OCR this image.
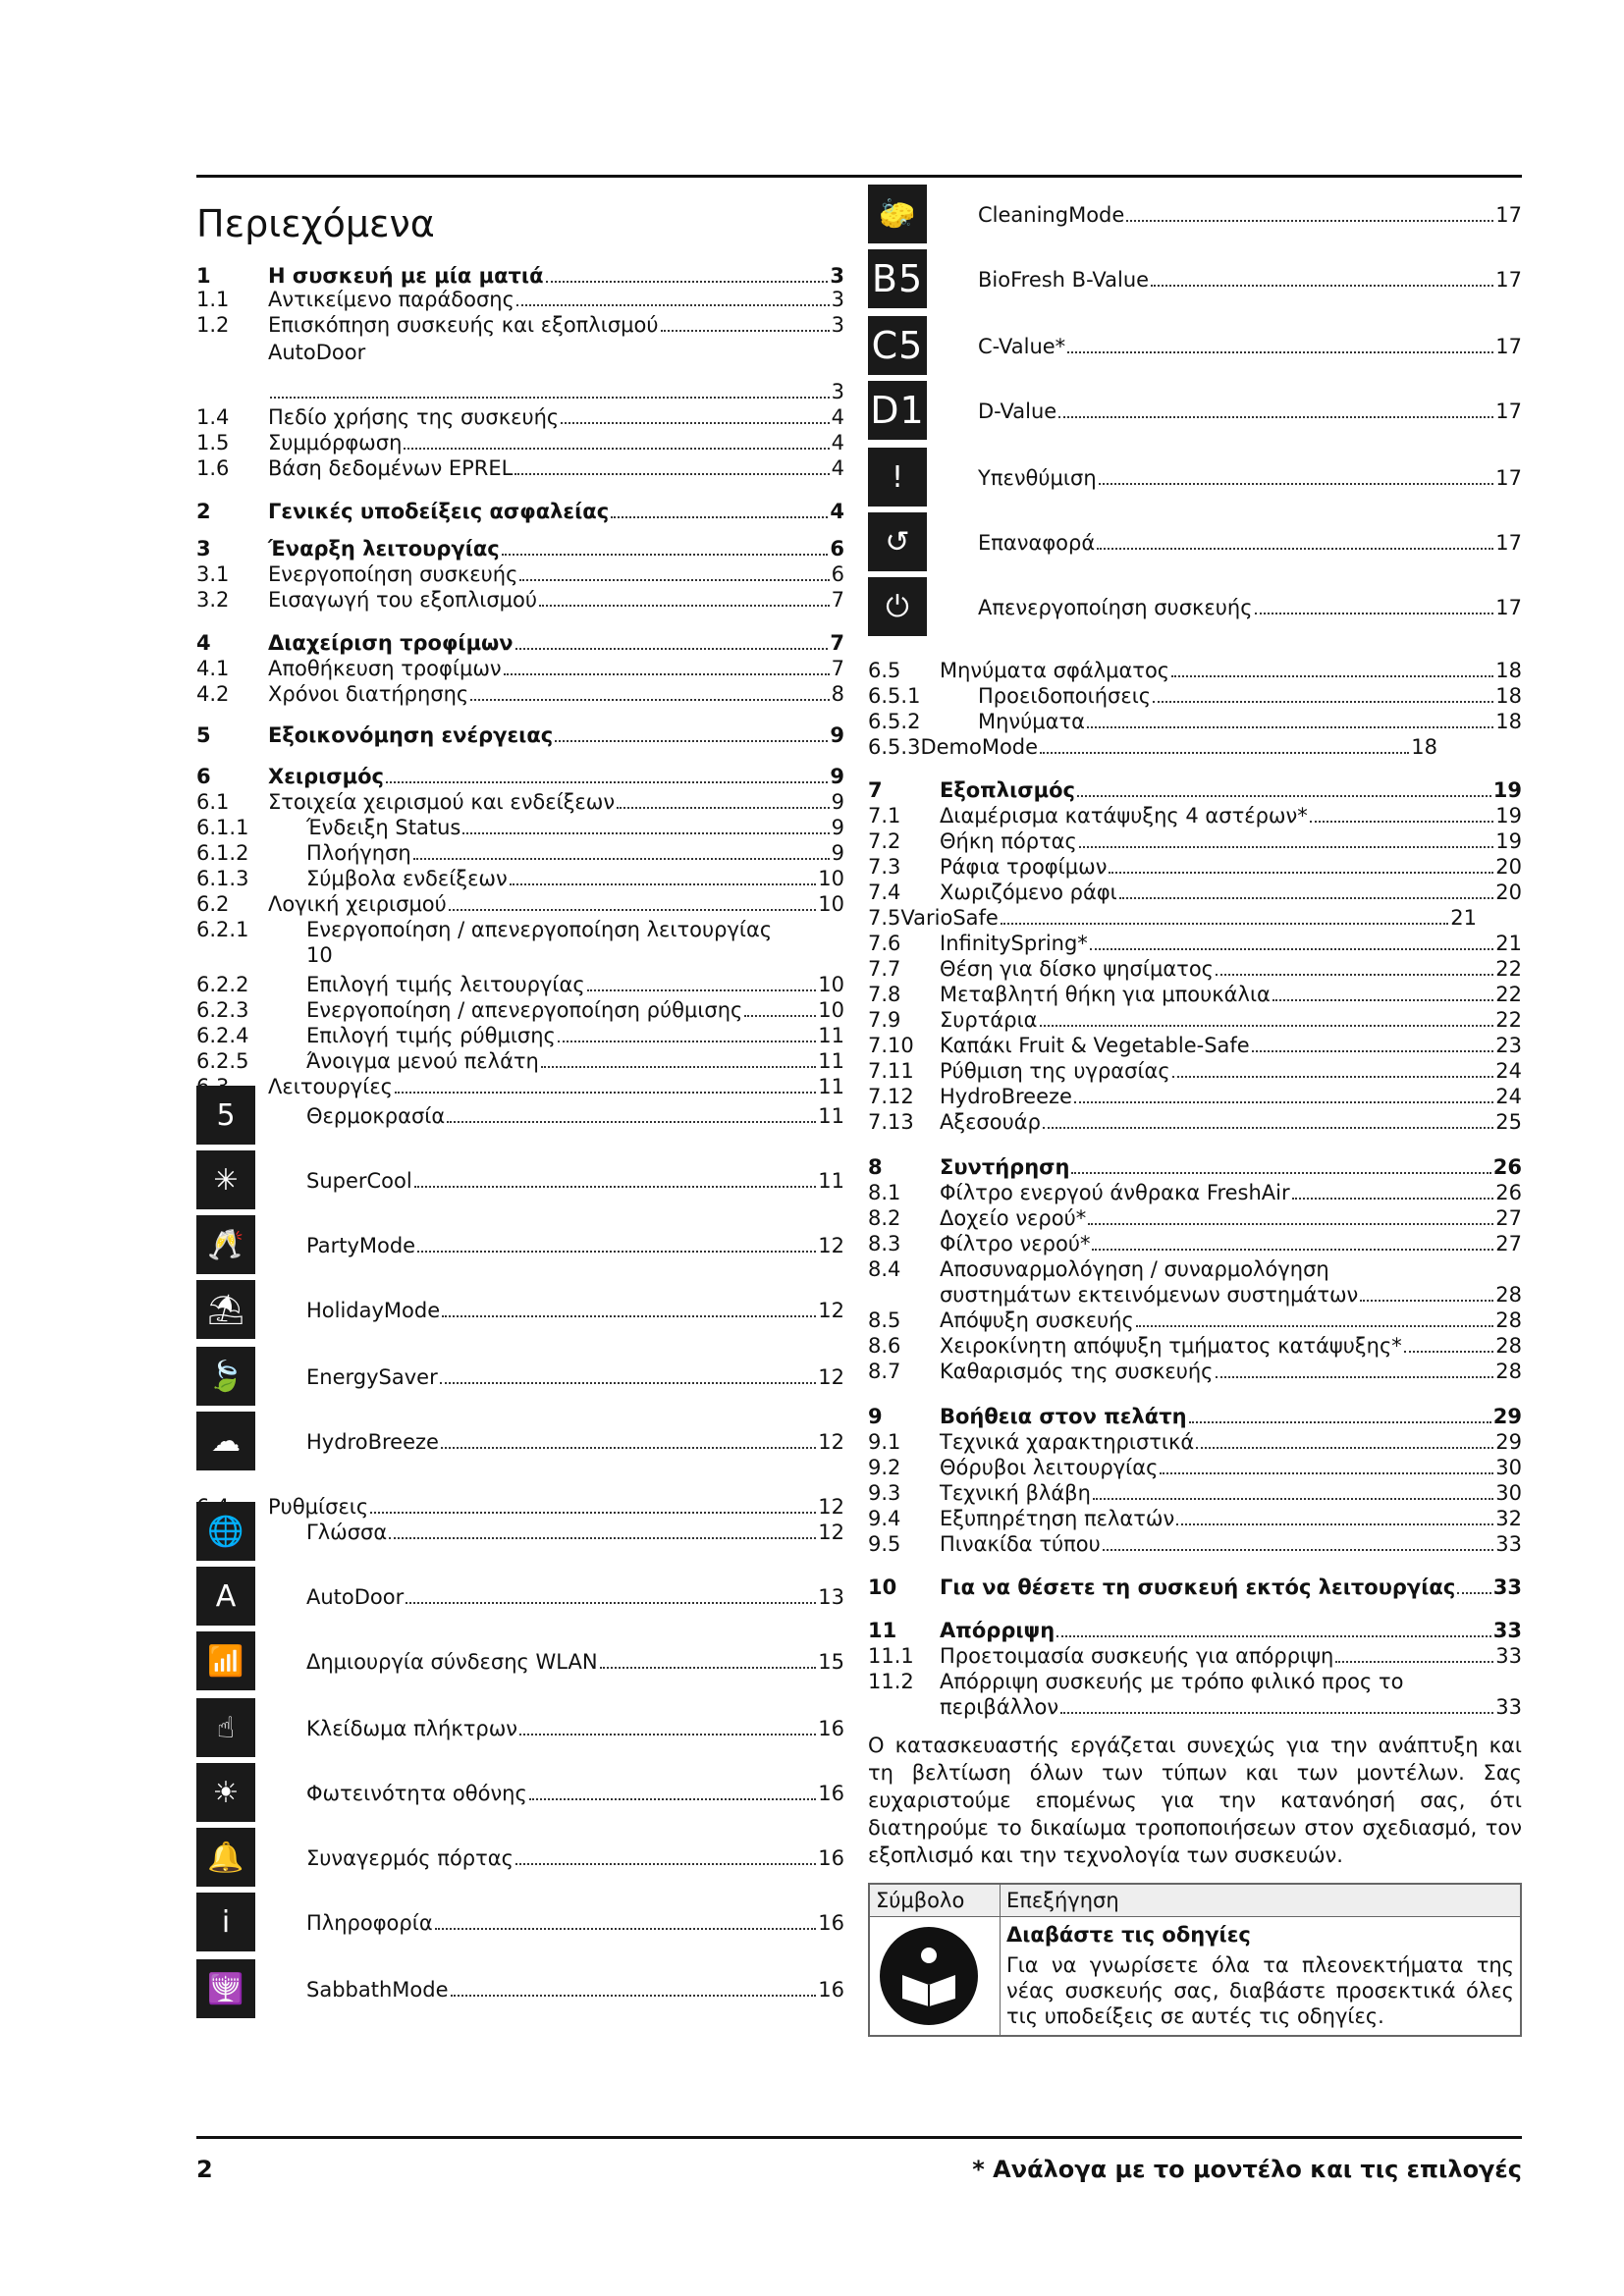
Περιεχόμενα
1	Η συσκευή με μία ματιά	3
1.1	Αντικείμενο παράδοσης	3
1.2	Επισκόπηση συσκευής και εξοπλισμού	3
AutoDoor
3
1.4	Πεδίο χρήσης της συσκευής	4
1.5	Συμμόρφωση	4
1.6	Βάση δεδομένων EPREL	4
2	Γενικές υποδείξεις ασφαλείας	4
3	Έναρξη λειτουργίας	6
3.1	Ενεργοποίηση συσκευής	6
3.2	Εισαγωγή του εξοπλισμού	7
4	Διαχείριση τροφίμων	7
4.1	Αποθήκευση τροφίμων	7
4.2	Χρόνοι διατήρησης	8
5	Εξοικονόμηση ενέργειας	9
6	Χειρισμός	9
6.1	Στοιχεία χειρισμού και ενδείξεων	9
6.1.1	Ένδειξη Status	9
6.1.2	Πλοήγηση	9
6.1.3	Σύμβολα ενδείξεων	10
6.2	Λογική χειρισμού	10
6.2.1	Ενεργοποίηση / απενεργοποίηση λειτουργίας
10
6.2.2	Επιλογή τιμής λειτουργίας	10
6.2.3	Ενεργοποίηση / απενεργοποίηση ρύθμισης	10
6.2.4	Επιλογή τιμής ρύθμισης	11
6.2.5	Άνοιγμα μενού πελάτη	11
Λειτουργίες	11
5	Θερμοκρασία	11
✳	SuperCool	11
🥂	PartyMode	12
⛱	HolidayMode	12
🍃	EnergySaver	12
☁	HydroBreeze	12
Ρυθμίσεις	12
🌐	Γλώσσα	12
A	AutoDoor	13
📶	Δημιουργία σύνδεσης WLAN	15
☝	Κλείδωμα πλήκτρων	16
☀	Φωτεινότητα οθόνης	16
🔔	Συναγερμός πόρτας	16
i	Πληροφορία	16
🕎	SabbathMode	16
🧽	CleaningMode	17
B5	BioFresh B-Value	17
C5	C-Value*	17
D1	D-Value	17
!	Υπενθύμιση	17
↺	Επαναφορά	17
⏻	Απενεργοποίηση συσκευής	17
6.5	Μηνύματα σφάλματος	18
6.5.1	Προειδοποιήσεις	18
6.5.2	Μηνύματα	18
6.5.3 DemoMode	18
7	Εξοπλισμός	19
7.1	Διαμέρισμα κατάψυξης 4 αστέρων*	19
7.2	Θήκη πόρτας	19
7.3	Ράφια τροφίμων	20
7.4	Χωριζόμενο ράφι	20
7.5 VarioSafe	21
7.6	InfinitySpring*	21
7.7	Θέση για δίσκο ψησίματος	22
7.8	Μεταβλητή θήκη για μπουκάλια	22
7.9	Συρτάρια	22
7.10	Καπάκι Fruit & Vegetable-Safe	23
7.11	Ρύθμιση της υγρασίας	24
7.12	HydroBreeze	24
7.13	Αξεσουάρ	25
8	Συντήρηση	26
8.1	Φίλτρο ενεργού άνθρακα FreshAir	26
8.2	Δοχείο νερού*	27
8.3	Φίλτρο νερού*	27
8.4	Αποσυναρμολόγηση / συναρμολόγηση
συστημάτων εκτεινόμενων συστημάτων	28
8.5	Απόψυξη συσκευής	28
8.6	Χειροκίνητη απόψυξη τμήματος κατάψυξης*	28
8.7	Καθαρισμός της συσκευής	28
9	Βοήθεια στον πελάτη	29
9.1	Τεχνικά χαρακτηριστικά	29
9.2	Θόρυβοι λειτουργίας	30
9.3	Τεχνική βλάβη	30
9.4	Εξυπηρέτηση πελατών	32
9.5	Πινακίδα τύπου	33
10	Για να θέσετε τη συσκευή εκτός λειτουργίας 33
11	Απόρριψη	33
11.1	Προετοιμασία συσκευής για απόρριψη	33
11.2	Απόρριψη συσκευής με τρόπο φιλικό προς το
περιβάλλον	33
Ο κατασκευαστής εργάζεται συνεχώς για την ανάπτυξη και τη βελτίωση όλων των τύπων και των μοντέλων. Σας ευχαριστούμε επομένως για την κατανόησή σας, ότι διατηρούμε το δικαίωμα τροποποιήσεων στον σχεδιασμό, τον εξοπλισμό και την τεχνολογία των συσκευών.
Σύμβολο	Επεξήγηση

Διαβάστε τις οδηγίες
Για να γνωρίσετε όλα τα πλεονεκτήματα της νέας συσκευής σας, διαβάστε προσεκτικά όλες τις υποδείξεις σε αυτές τις οδηγίες.
2	* Ανάλογα με το μοντέλο και τις επιλογές
